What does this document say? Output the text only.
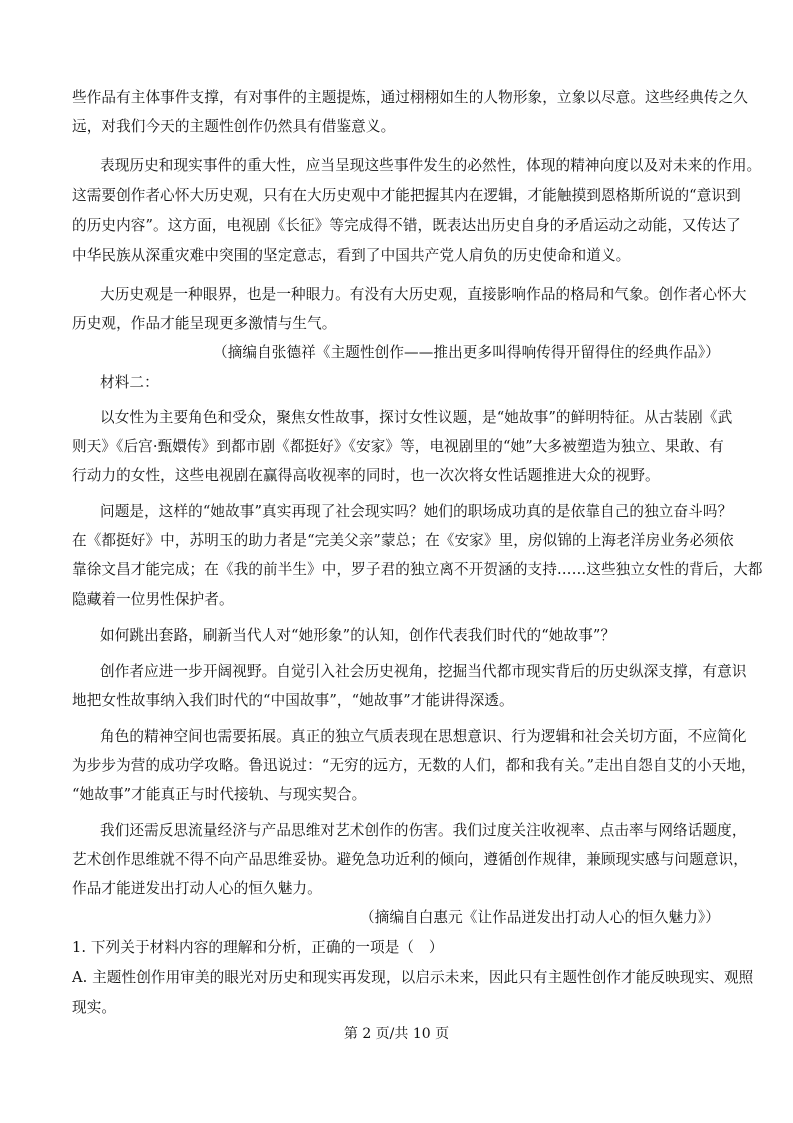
些作品有主体事件支撑，有对事件的主题提炼，通过栩栩如生的人物形象，立象以尽意。这些经典传之久
远，对我们今天的主题性创作仍然具有借鉴意义。
表现历史和现实事件的重大性，应当呈现这些事件发生的必然性，体现的精神向度以及对未来的作用。
这需要创作者心怀大历史观，只有在大历史观中才能把握其内在逻辑，才能触摸到恩格斯所说的“意识到
的历史内容”。这方面，电视剧《长征》等完成得不错，既表达出历史自身的矛盾运动之动能，又传达了
中华民族从深重灾难中突围的坚定意志，看到了中国共产党人肩负的历史使命和道义。
大历史观是一种眼界，也是一种眼力。有没有大历史观，直接影响作品的格局和气象。创作者心怀大
历史观，作品才能呈现更多激情与生气。
（摘编自张德祥《主题性创作——推出更多叫得响传得开留得住的经典作品》）
材料二：
以女性为主要角色和受众，聚焦女性故事，探讨女性议题，是“她故事”的鲜明特征。从古装剧《武
则天》《后宫·甄嬛传》到都市剧《都挺好》《安家》等，电视剧里的“她”大多被塑造为独立、果敢、有
行动力的女性，这些电视剧在赢得高收视率的同时，也一次次将女性话题推进大众的视野。
问题是，这样的“她故事”真实再现了社会现实吗？她们的职场成功真的是依靠自己的独立奋斗吗？
在《都挺好》中，苏明玉的助力者是“完美父亲”蒙总；在《安家》里，房似锦的上海老洋房业务必须依
靠徐文昌才能完成；在《我的前半生》中，罗子君的独立离不开贺涵的支持……这些独立女性的背后，大都
隐藏着一位男性保护者。
如何跳出套路，刷新当代人对“她形象”的认知，创作代表我们时代的“她故事”？
创作者应进一步开阔视野。自觉引入社会历史视角，挖掘当代都市现实背后的历史纵深支撑，有意识
地把女性故事纳入我们时代的“中国故事”，“她故事”才能讲得深透。
角色的精神空间也需要拓展。真正的独立气质表现在思想意识、行为逻辑和社会关切方面，不应简化
为步步为营的成功学攻略。鲁迅说过：“无穷的远方，无数的人们，都和我有关。”走出自怨自艾的小天地，
“她故事”才能真正与时代接轨、与现实契合。
我们还需反思流量经济与产品思维对艺术创作的伤害。我们过度关注收视率、点击率与网络话题度，
艺术创作思维就不得不向产品思维妥协。避免急功近利的倾向，遵循创作规律，兼顾现实感与问题意识，
作品才能迸发出打动人心的恒久魅力。
（摘编自白惠元《让作品迸发出打动人心的恒久魅力》）
1. 下列关于材料内容的理解和分析，正确的一项是（　）
A. 主题性创作用审美的眼光对历史和现实再发现，以启示未来，因此只有主题性创作才能反映现实、观照
现实。
第 2 页/共 10 页
